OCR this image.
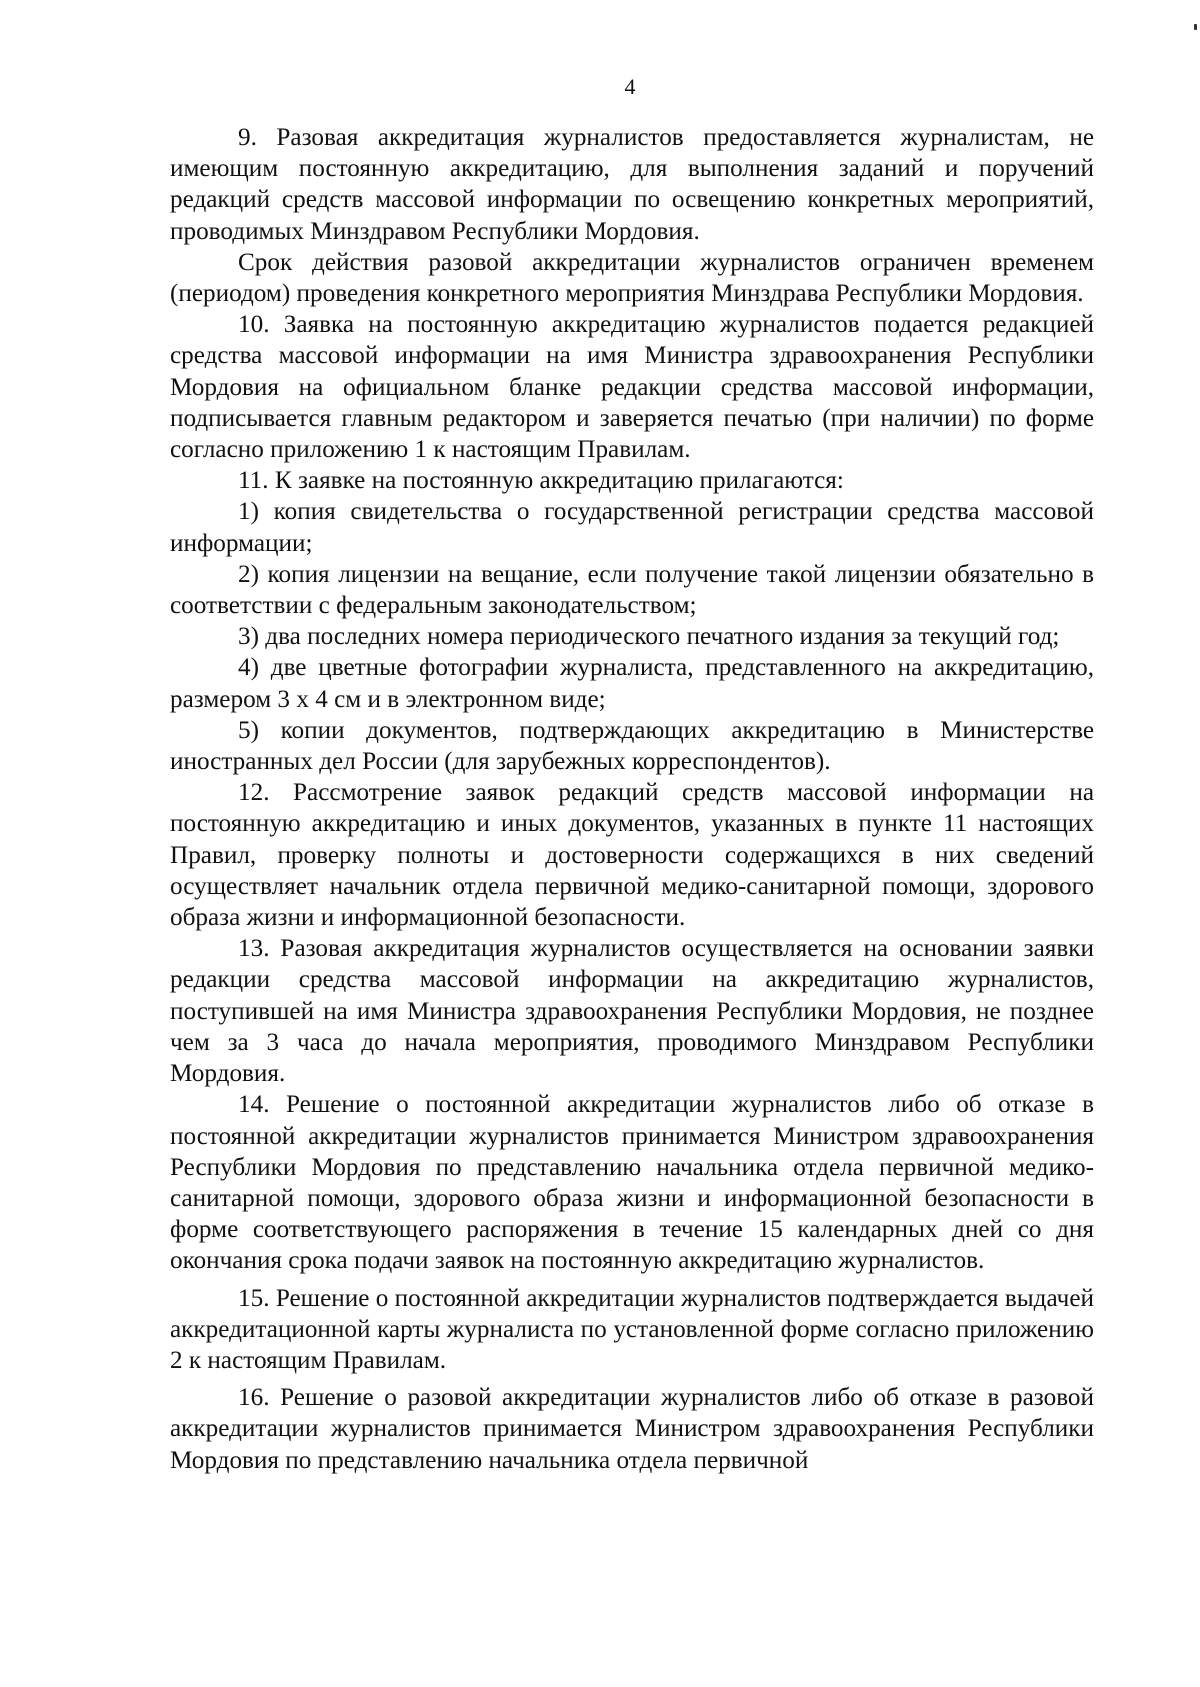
4

9. Разовая аккредитация журналистов предоставляется журналистам, не имеющим постоянную аккредитацию, для выполнения заданий и поручений редакций средств массовой информации по освещению конкретных мероприятий, проводимых Минздравом Республики Мордовия.

Срок действия разовой аккредитации журналистов ограничен временем (периодом) проведения конкретного мероприятия Минздрава Республики Мордовия.

10. Заявка на постоянную аккредитацию журналистов подается редакцией средства массовой информации на имя Министра здравоохранения Республики Мордовия на официальном бланке редакции средства массовой информации, подписывается главным редактором и заверяется печатью (при наличии) по форме согласно приложению 1 к настоящим Правилам.

11. К заявке на постоянную аккредитацию прилагаются:

1) копия свидетельства о государственной регистрации средства массовой информации;

2) копия лицензии на вещание, если получение такой лицензии обязательно в соответствии с федеральным законодательством;

3) два последних номера периодического печатного издания за текущий год;

4) две цветные фотографии журналиста, представленного на аккредитацию, размером 3 х 4 см и в электронном виде;

5) копии документов, подтверждающих аккредитацию в Министерстве иностранных дел России (для зарубежных корреспондентов).

12. Рассмотрение заявок редакций средств массовой информации на постоянную аккредитацию и иных документов, указанных в пункте 11 настоящих Правил, проверку полноты и достоверности содержащихся в них сведений осуществляет начальник отдела первичной медико-санитарной помощи, здорового образа жизни и информационной безопасности.

13. Разовая аккредитация журналистов осуществляется на основании заявки редакции средства массовой информации на аккредитацию журналистов, поступившей на имя Министра здравоохранения Республики Мордовия, не позднее чем за 3 часа до начала мероприятия, проводимого Минздравом Республики Мордовия.

14. Решение о постоянной аккредитации журналистов либо об отказе в постоянной аккредитации журналистов принимается Министром здравоохранения Республики Мордовия по представлению начальника отдела первичной медико-санитарной помощи, здорового образа жизни и информационной безопасности в форме соответствующего распоряжения в течение 15 календарных дней со дня окончания срока подачи заявок на постоянную аккредитацию журналистов.

15. Решение о постоянной аккредитации журналистов подтверждается выдачей аккредитационной карты журналиста по установленной форме согласно приложению 2 к настоящим Правилам.

16. Решение о разовой аккредитации журналистов либо об отказе в разовой аккредитации журналистов принимается Министром здравоохранения Республики Мордовия по представлению начальника отдела первичной
